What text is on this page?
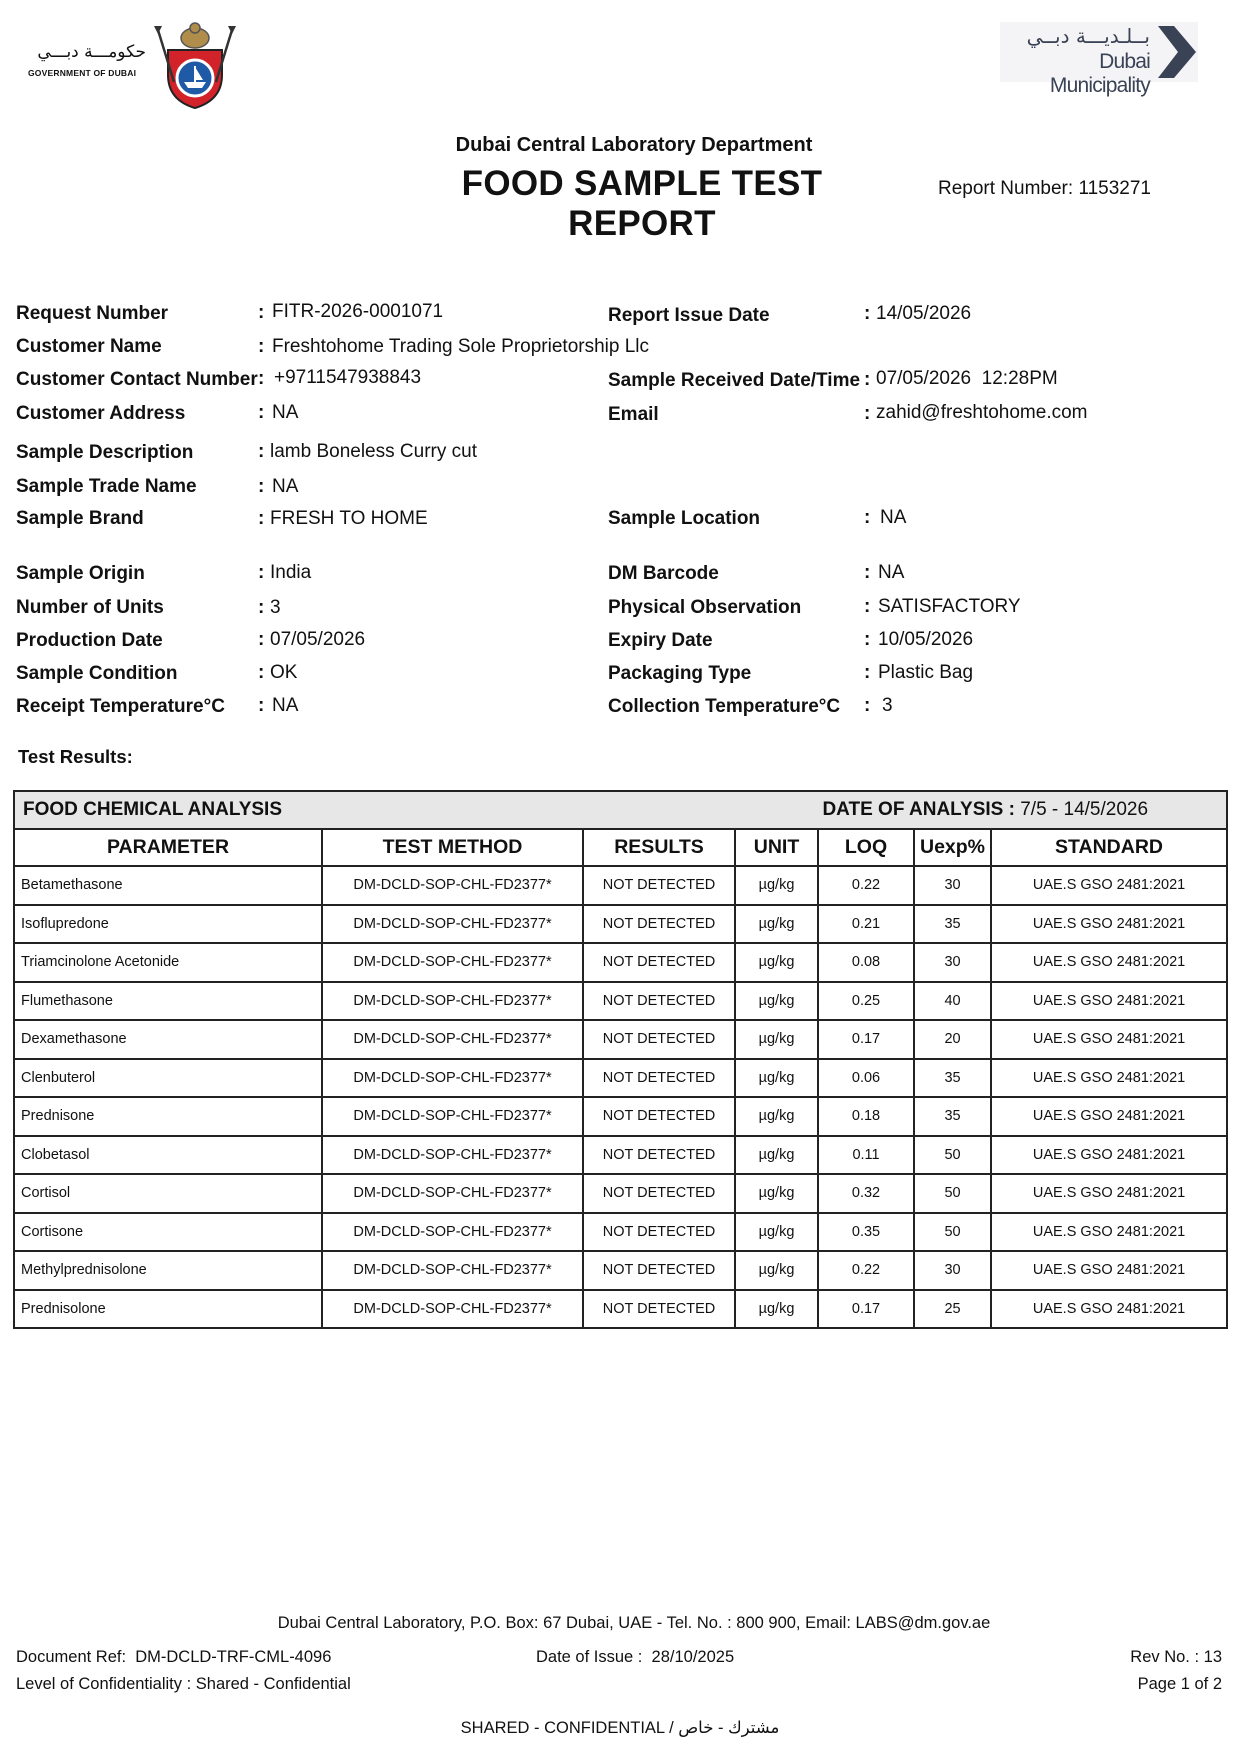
حكومـــة دبـــي
GOVERNMENT OF DUBAI
بــلـديـــة دبــي
Dubai Municipality
Dubai Central Laboratory Department
FOOD SAMPLE TEST REPORT
Report Number: 1153271
Request Number	: FITR-2026-0001071
Customer Name	: Freshtohome Trading Sole Proprietorship Llc
Customer Contact Number : +9711547938843
Customer Address	: NA
Sample Description	: lamb Boneless Curry cut
Sample Trade Name	: NA
Sample Brand	: FRESH TO HOME
Sample Origin	: India
Number of Units	: 3
Production Date	: 07/05/2026
Sample Condition	: OK
Receipt Temperature°C : NA
Report Issue Date	: 14/05/2026
Sample Received Date/Time : 07/05/2026  12:28PM
Email	: zahid@freshtohome.com
Sample Location	: NA
DM Barcode	: NA
Physical Observation	: SATISFACTORY
Expiry Date	: 10/05/2026
Packaging Type	: Plastic Bag
Collection Temperature°C : 3
Test Results:
FOOD CHEMICAL ANALYSIS			DATE OF ANALYSIS : 7/5 - 14/5/2026			
PARAMETER	TEST METHOD	RESULTS	UNIT	LOQ	Uexp%	STANDARD
Betamethasone	DM-DCLD-SOP-CHL-FD2377*	NOT DETECTED	µg/kg	0.22	30	UAE.S GSO 2481:2021
Isoflupredone	DM-DCLD-SOP-CHL-FD2377*	NOT DETECTED	µg/kg	0.21	35	UAE.S GSO 2481:2021
Triamcinolone Acetonide	DM-DCLD-SOP-CHL-FD2377*	NOT DETECTED	µg/kg	0.08	30	UAE.S GSO 2481:2021
Flumethasone	DM-DCLD-SOP-CHL-FD2377*	NOT DETECTED	µg/kg	0.25	40	UAE.S GSO 2481:2021
Dexamethasone	DM-DCLD-SOP-CHL-FD2377*	NOT DETECTED	µg/kg	0.17	20	UAE.S GSO 2481:2021
Clenbuterol	DM-DCLD-SOP-CHL-FD2377*	NOT DETECTED	µg/kg	0.06	35	UAE.S GSO 2481:2021
Prednisone	DM-DCLD-SOP-CHL-FD2377*	NOT DETECTED	µg/kg	0.18	35	UAE.S GSO 2481:2021
Clobetasol	DM-DCLD-SOP-CHL-FD2377*	NOT DETECTED	µg/kg	0.11	50	UAE.S GSO 2481:2021
Cortisol	DM-DCLD-SOP-CHL-FD2377*	NOT DETECTED	µg/kg	0.32	50	UAE.S GSO 2481:2021
Cortisone	DM-DCLD-SOP-CHL-FD2377*	NOT DETECTED	µg/kg	0.35	50	UAE.S GSO 2481:2021
Methylprednisolone	DM-DCLD-SOP-CHL-FD2377*	NOT DETECTED	µg/kg	0.22	30	UAE.S GSO 2481:2021
Prednisolone	DM-DCLD-SOP-CHL-FD2377*	NOT DETECTED	µg/kg	0.17	25	UAE.S GSO 2481:2021
Dubai Central Laboratory, P.O. Box: 67 Dubai, UAE - Tel. No. : 800 900, Email: LABS@dm.gov.ae
Document Ref:  DM-DCLD-TRF-CML-4096	Date of Issue :  28/10/2025	Rev No. : 13
Level of Confidentiality : Shared - Confidential	Page 1 of 2
SHARED - CONFIDENTIAL / مشترك - خاص
